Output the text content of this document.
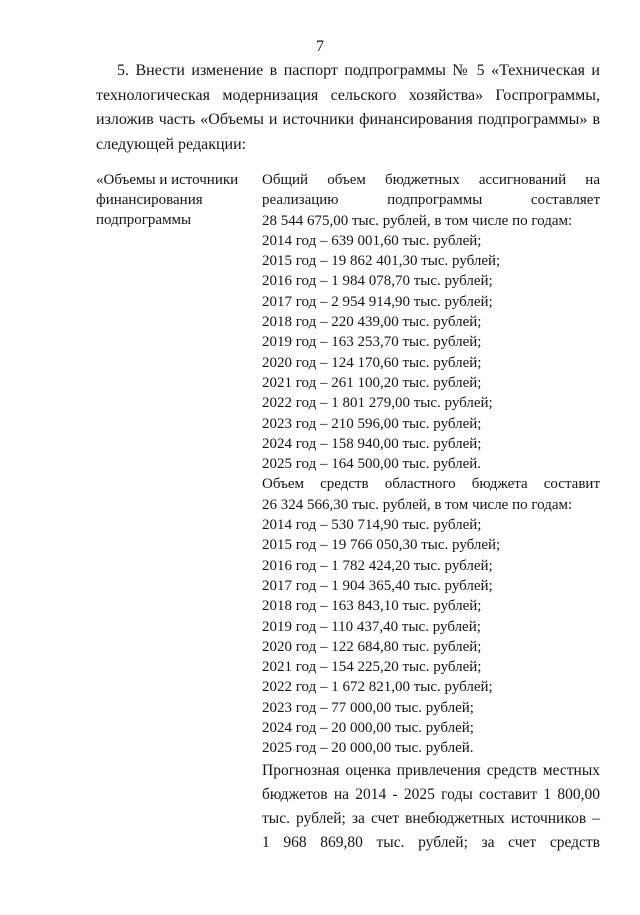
7
5. Внести изменение в паспорт подпрограммы № 5 «Техническая и
технологическая модернизация сельского хозяйства» Госпрограммы,
изложив часть «Объемы и источники финансирования подпрограммы» в
следующей редакции:
«Объемы и источники
финансирования
подпрограммы
Общий объем бюджетных ассигнований на
реализацию подпрограммы составляет
28 544 675,00 тыс. рублей, в том числе по годам:
2014 год – 639 001,60 тыс. рублей;
2015 год – 19 862 401,30 тыс. рублей;
2016 год – 1 984 078,70 тыс. рублей;
2017 год – 2 954 914,90 тыс. рублей;
2018 год – 220 439,00 тыс. рублей;
2019 год – 163 253,70 тыс. рублей;
2020 год – 124 170,60 тыс. рублей;
2021 год – 261 100,20 тыс. рублей;
2022 год – 1 801 279,00 тыс. рублей;
2023 год – 210 596,00 тыс. рублей;
2024 год – 158 940,00 тыс. рублей;
2025 год – 164 500,00 тыс. рублей.
Объем средств областного бюджета составит
26 324 566,30 тыс. рублей, в том числе по годам:
2014 год – 530 714,90 тыс. рублей;
2015 год – 19 766 050,30 тыс. рублей;
2016 год – 1 782 424,20 тыс. рублей;
2017 год – 1 904 365,40 тыс. рублей;
2018 год – 163 843,10 тыс. рублей;
2019 год – 110 437,40 тыс. рублей;
2020 год – 122 684,80 тыс. рублей;
2021 год – 154 225,20 тыс. рублей;
2022 год – 1 672 821,00 тыс. рублей;
2023 год – 77 000,00 тыс. рублей;
2024 год – 20 000,00 тыс. рублей;
2025 год – 20 000,00 тыс. рублей.
Прогнозная оценка привлечения средств местных
бюджетов на 2014 - 2025 годы составит 1 800,00
тыс. рублей; за счет внебюджетных источников –
1 968 869,80 тыс. рублей; за счет средств
